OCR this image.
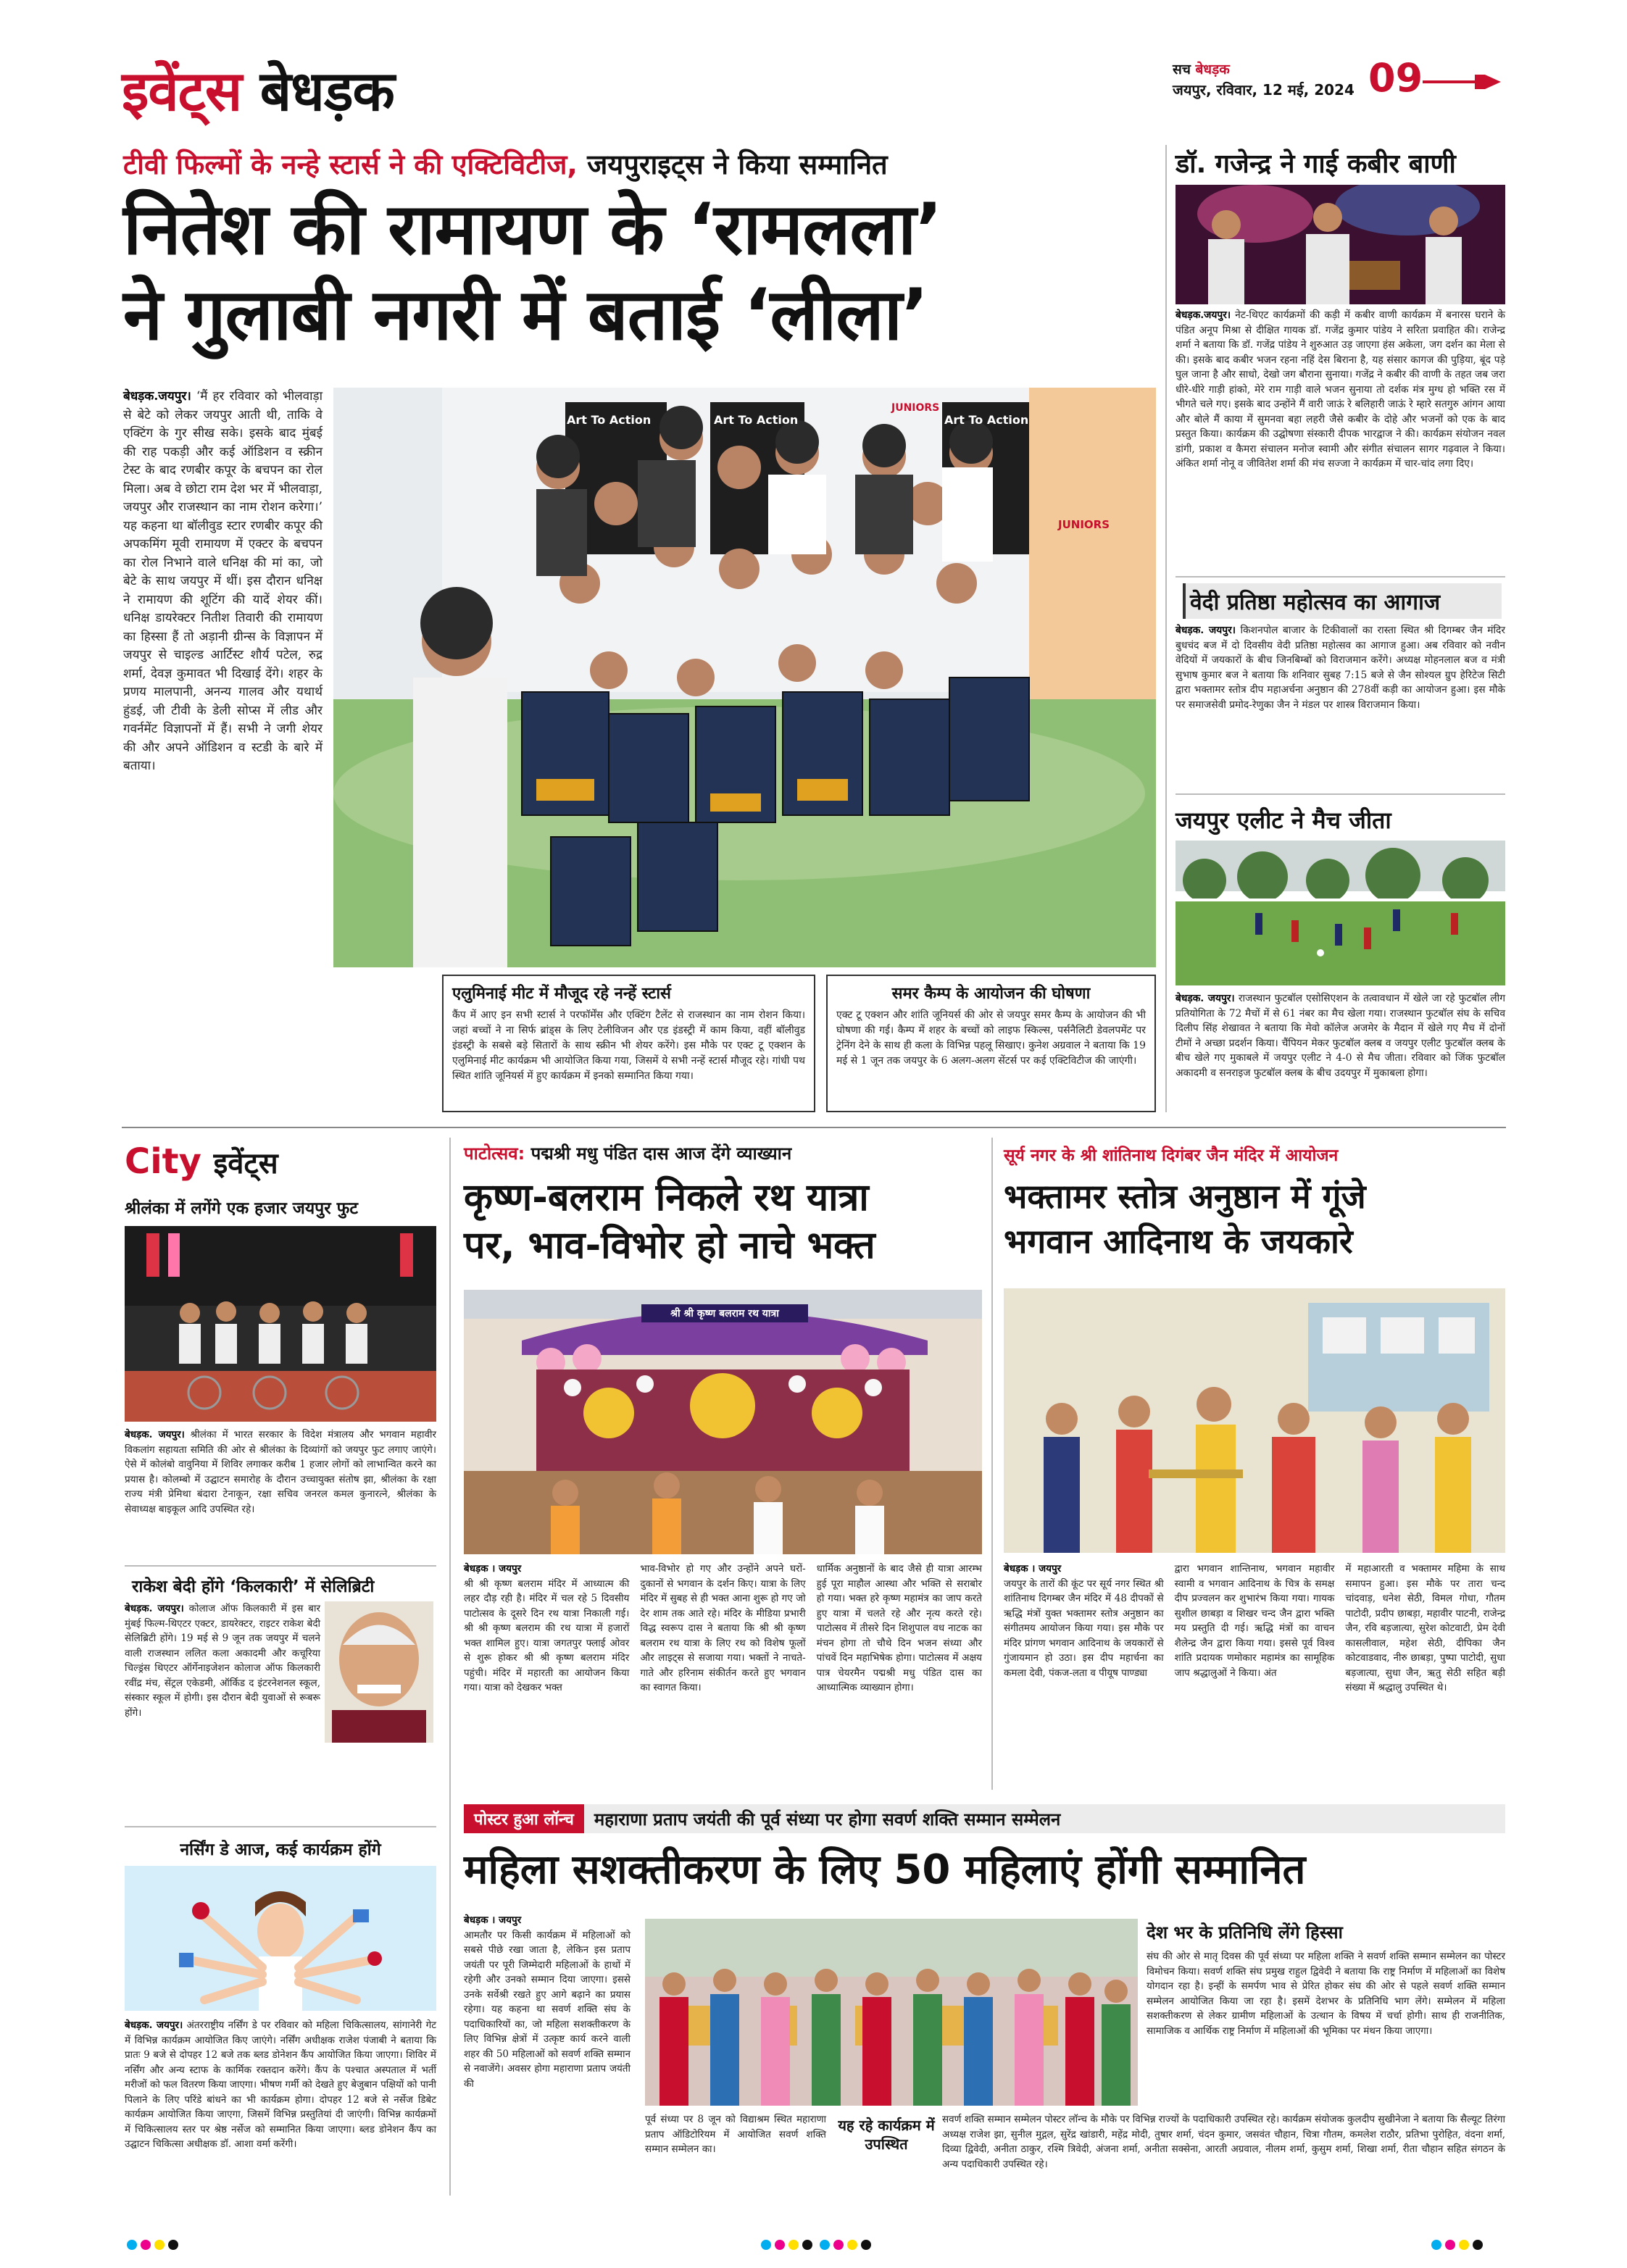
इवेंट्स बेधड़क	सच बेधड़क
जयपुर, रविवार, 12 मई, 2024 09
टीवी फिल्मों के नन्हे स्टार्स ने की एक्टिविटीज, जयपुराइट्स ने किया सम्मानित
नितेश की रामायण के ‘रामलला’
ने गुलाबी नगरी में बताई ‘लीला’
बेधड़क.जयपुर। ‘मैं हर रविवार को भीलवाड़ा से बेटे को लेकर जयपुर आती थी, ताकि वे एक्टिंग के गुर सीख सके। इसके बाद मुंबई की राह पकड़ी और कई ऑडिशन व स्क्रीन टेस्ट के बाद रणबीर कपूर के बचपन का रोल मिला। अब वे छोटा राम देश भर में भीलवाड़ा, जयपुर और राजस्थान का नाम रोशन करेगा।’ यह कहना था बॉलीवुड स्टार रणबीर कपूर की अपकमिंग मूवी रामायण में एक्टर के बचपन का रोल निभाने वाले धनिक्ष की मां का, जो बेटे के साथ जयपुर में थीं। इस दौरान धनिक्ष ने रामायण की शूटिंग की यादें शेयर कीं। धनिक्ष डायरेक्टर नितीश तिवारी की रामायण का हिस्सा हैं तो अड़ानी ग्रीन्स के विज्ञापन में जयपुर से चाइल्ड आर्टिस्ट शौर्य पटेल, रुद्र शर्मा, देवज्ञ कुमावत भी दिखाई देंगे। शहर के प्रणय मालपानी, अनन्य गालव और यथार्थ हुंडई, जी टीवी के डेली सोप्स में लीड और गवर्नमेंट विज्ञापनों में हैं। सभी ने जगी शेयर की और अपने ऑडिशन व स्टडी के बारे में बताया।
Art To Action
JUNIORS
Art To Action	Art To Action
JUNIORS
एलुमिनाई मीट में मौजूद रहे नन्हें स्टार्स
कैंप में आए इन सभी स्टार्स ने परफॉर्मेंस और एक्टिंग टैलेंट से राजस्थान का नाम रोशन किया। जहां बच्चों ने ना सिर्फ ब्रांड्स के लिए टेलीविजन और एड इंडस्ट्री में काम किया, वहीं बॉलीवुड इंडस्ट्री के सबसे बड़े सितारों के साथ स्क्रीन भी शेयर करेंगे। इस मौके पर एक्ट टू एक्शन के एलुमिनाई मीट कार्यक्रम भी आयोजित किया गया, जिसमें ये सभी नन्हें स्टार्स मौजूद रहे। गांधी पथ स्थित शांति जूनियर्स में हुए कार्यक्रम में इनको सम्मानित किया गया।
समर कैम्प के आयोजन की घोषणा
एक्ट टू एक्शन और शांति जूनियर्स की ओर से जयपुर समर कैम्प के आयोजन की भी घोषणा की गई। कैम्प में शहर के बच्चों को लाइफ स्किल्स, पर्सनैलिटी डेवलपमेंट पर ट्रेनिंग देने के साथ ही कला के विभिन्न पहलू सिखाए। कुनेश अग्रवाल ने बताया कि 19 मई से 1 जून तक जयपुर के 6 अलग-अलग सेंटर्स पर कई एक्टिविटीज की जाएंगी।
डॉ. गजेन्द्र ने गाई कबीर बाणी
बेधड़क.जयपुर। नेट-थिएट कार्यक्रमों की कड़ी में कबीर वाणी कार्यक्रम में बनारस घराने के पंडित अनूप मिश्रा से दीक्षित गायक डॉ. गजेंद्र कुमार पांडेय ने सरिता प्रवाहित की। राजेन्द्र शर्मा ने बताया कि डॉ. गजेंद्र पांडेय ने शुरुआत उड़ जाएगा हंस अकेला, जग दर्शन का मेला से की। इसके बाद कबीर भजन रहना नहिं देस बिराना है, यह संसार कागज की पुड़िया, बूंद पड़े घुल जाना है और साधो, देखो जग बौराना सुनाया। गजेंद्र ने कबीर की वाणी के तहत जब जरा धीरे-धीरे गाड़ी हांको, मेरे राम गाड़ी वाले भजन सुनाया तो दर्शक मंत्र मुग्ध हो भक्ति रस में भीगते चले गए। इसके बाद उन्होंने मैं वारी जाऊं रे बलिहारी जाऊं रे म्हारे सतगुरु आंगन आया और बोले मैं काया में सुमनवा बहा लहरी जैसे कबीर के दोहे और भजनों को एक के बाद प्रस्तुत किया। कार्यक्रम की उद्घोषणा संस्कारी दीपक भारद्वाज ने की। कार्यक्रम संयोजन नवल डांगी, प्रकाश व कैमरा संचालन मनोज स्वामी और संगीत संचालन सागर गढ़वाल ने किया। अंकित शर्मा नोनू व जीवितेश शर्मा की मंच सज्जा ने कार्यक्रम में चार-चांद लगा दिए।
वेदी प्रतिष्ठा महोत्सव का आगाज
बेधड़क. जयपुर। किशनपोल बाजार के टिकीवालों का रास्ता स्थित श्री दिगम्बर जैन मंदिर बुधचंद बज में दो दिवसीय वेदी प्रतिष्ठा महोत्सव का आगाज हुआ। अब रविवार को नवीन वेदियों में जयकारों के बीच जिनबिम्बों को विराजमान करेंगे। अध्यक्ष मोहनलाल बज व मंत्री सुभाष कुमार बज ने बताया कि शनिवार सुबह 7:15 बजे से जैन सोश्यल ग्रुप हेरिटेज सिटी द्वारा भक्तामर स्तोत्र दीप महाअर्चना अनुष्ठान की 278वीं कड़ी का आयोजन हुआ। इस मौके पर समाजसेवी प्रमोद-रेणुका जैन ने मंडल पर शास्त्र विराजमान किया।
जयपुर एलीट ने मैच जीता
बेधड़क. जयपुर। राजस्थान फुटबॉल एसोसिएशन के तत्वावधान में खेले जा रहे फुटबॉल लीग प्रतियोगिता के 72 मैचों में से 61 नंबर का मैच खेला गया। राजस्थान फुटबॉल संघ के सचिव दिलीप सिंह शेखावत ने बताया कि मेवो कॉलेज अजमेर के मैदान में खेले गए मैच में दोनों टीमों ने अच्छा प्रदर्शन किया। चैंपियन मेकर फुटबॉल क्लब व जयपुर एलीट फुटबॉल क्लब के बीच खेले गए मुकाबले में जयपुर एलीट ने 4-0 से मैच जीता। रविवार को जिंक फुटबॉल अकादमी व सनराइज फुटबॉल क्लब के बीच उदयपुर में मुकाबला होगा।
City इवेंट्स
श्रीलंका में लगेंगे एक हजार जयपुर फुट
बेधड़क. जयपुर। श्रीलंका में भारत सरकार के विदेश मंत्रालय और भगवान महावीर विकलांग सहायता समिति की ओर से श्रीलंका के दिव्यांगों को जयपुर फुट लगाए जाएंगे। ऐसे में कोलंबो वावुनिया में शिविर लगाकर करीब 1 हजार लोगों को लाभान्वित करने का प्रयास है। कोलम्बो में उद्घाटन समारोह के दौरान उच्चायुक्त संतोष झा, श्रीलंका के रक्षा राज्य मंत्री प्रेमिथा बंदारा टेनाकून, रक्षा सचिव जनरल कमल कुनारत्ने, श्रीलंका के सेवाध्यक्ष बाइकूल आदि उपस्थित रहे।
राकेश बेदी होंगे ‘किलकारी’ में सेलिब्रिटी
बेधड़क. जयपुर। कोलाज ऑफ किलकारी में इस बार मुंबई फिल्म-थिएटर एक्टर, डायरेक्टर, राइटर राकेश बेदी सेलिब्रिटी होंगे। 19 मई से 9 जून तक जयपुर में चलने वाली राजस्थान ललित कला अकादमी और कचूरिया चिल्ड्रंस थिएटर ऑर्गेनाइजेशन कोलाज ऑफ किलकारी रवींद्र मंच, सेंट्रल एकेडमी, ऑर्किड द इंटरनेशनल स्कूल, संस्कार स्कूल में होगी। इस दौरान बेदी युवाओं से रूबरू होंगे।
नर्सिंग डे आज, कई कार्यक्रम होंगे
बेधड़क. जयपुर। अंतरराष्ट्रीय नर्सिंग डे पर रविवार को महिला चिकित्सालय, सांगानेरी गेट में विभिन्न कार्यक्रम आयोजित किए जाएंगे। नर्सिंग अधीक्षक राजेश पंजाबी ने बताया कि प्रातः 9 बजे से दोपहर 12 बजे तक ब्लड डोनेशन कैंप आयोजित किया जाएगा। शिविर में नर्सिंग और अन्य स्टाफ के कार्मिक रक्तदान करेंगे। कैंप के पश्चात अस्पताल में भर्ती मरीजों को फल वितरण किया जाएगा। भीषण गर्मी को देखते हुए बेजुबान पक्षियों को पानी पिलाने के लिए परिंडे बांधने का भी कार्यक्रम होगा। दोपहर 12 बजे से नर्सेज डिबेट कार्यक्रम आयोजित किया जाएगा, जिसमें विभिन्न प्रस्तुतियां दी जाएंगी। विभिन्न कार्यक्रमों में चिकित्सालय स्तर पर श्रेष्ठ नर्सेज को सम्मानित किया जाएगा। ब्लड डोनेशन कैंप का उद्घाटन चिकित्सा अधीक्षक डॉ. आशा वर्मा करेंगी।
पाटोत्सव: पद्मश्री मधु पंडित दास आज देंगे व्याख्यान
कृष्ण-बलराम निकले रथ यात्रा
पर, भाव-विभोर हो नाचे भक्त
श्री श्री कृष्ण बलराम रथ यात्रा
बेधड़क । जयपुर
श्री श्री कृष्ण बलराम मंदिर में आध्यात्म की लहर दौड़ रही है। मंदिर में चल रहे 5 दिवसीय पाटोत्सव के दूसरे दिन रथ यात्रा निकाली गई। श्री श्री कृष्ण बलराम की रथ यात्रा में हजारों भक्त शामिल हुए। यात्रा जगतपुर फ्लाई ओवर से शुरू होकर श्री श्री कृष्ण बलराम मंदिर पहुंची। मंदिर में महारती का आयोजन किया गया। यात्रा को देखकर भक्त
भाव-विभोर हो गए और उन्होंने अपने घरों- दुकानों से भगवान के दर्शन किए। यात्रा के लिए मंदिर में सुबह से ही भक्त आना शुरू हो गए जो देर शाम तक आते रहे। मंदिर के मीडिया प्रभारी विद्ध स्वरूप दास ने बताया कि श्री श्री कृष्ण बलराम रथ यात्रा के लिए रथ को विशेष फूलों और लाइट्स से सजाया गया। भक्तों ने नाचते-गाते और हरिनाम संकीर्तन करते हुए भगवान का स्वागत किया।
धार्मिक अनुष्ठानों के बाद जैसे ही यात्रा आरम्भ हुई पूरा माहौल आस्था और भक्ति से सराबोर हो गया। भक्त हरे कृष्ण महामंत्र का जाप करते हुए यात्रा में चलते रहे और नृत्य करते रहे। पाटोत्सव में तीसरे दिन शिशुपाल वध नाटक का मंचन होगा तो चौथे दिन भजन संध्या और पांचवें दिन महाभिषेक होगा। पाटोत्सव में अक्षय पात्र चेयरमैन पद्मश्री मधु पंडित दास का आध्यात्मिक व्याख्यान होगा।
सूर्य नगर के श्री शांतिनाथ दिगंबर जैन मंदिर में आयोजन
भक्तामर स्तोत्र अनुष्ठान में गूंजे
भगवान आदिनाथ के जयकारे
बेधड़क । जयपुर
जयपुर के तारों की कूंट पर सूर्य नगर स्थित श्री शांतिनाथ दिगम्बर जैन मंदिर में 48 दीपकों से ऋद्धि मंत्रों युक्त भक्तामर स्तोत्र अनुष्ठान का संगीतमय आयोजन किया गया। इस मौके पर मंदिर प्रांगण भगवान आदिनाथ के जयकारों से गुंजायमान हो उठा। इस दीप महार्चना का कमला देवी, पंकज-लता व पीयूष पाण्ड्या
द्वारा भगवान शान्तिनाथ, भगवान महावीर स्वामी व भगवान आदिनाथ के चित्र के समक्ष दीप प्रज्वलन कर शुभारंभ किया गया। गायक सुशील छाबड़ा व शिखर चन्द जैन द्वारा भक्ति मय प्रस्तुति दी गई। ऋद्धि मंत्रों का वाचन शैलेन्द्र जैन द्वारा किया गया। इससे पूर्व विश्व शांति प्रदायक णमोकार महामंत्र का सामूहिक जाप श्रद्धालुओं ने किया। अंत
में महाआरती व भक्तामर महिमा के साथ समापन हुआ। इस मौके पर तारा चन्द चांदवाड़, धनेश सेठी, विमल गोधा, गौतम पाटोदी, प्रदीप छाबड़ा, महावीर पाटनी, राजेन्द्र जैन, रवि बड़जात्या, सुरेश कोटवाटी, प्रेम देवी कासलीवाल, महेश सेठी, दीपिका जैन कोटवाडवाद, नीरु छाबड़ा, पुष्पा पाटोदी, सुधा बड़जात्या, सुधा जैन, ऋतु सेठी सहित बड़ी संख्या में श्रद्धालु उपस्थित थे।
पोस्टर हुआ लॉन्च	महाराणा प्रताप जयंती की पूर्व संध्या पर होगा सवर्ण शक्ति सम्मान सम्मेलन
महिला सशक्तीकरण के लिए 50 महिलाएं होंगी सम्मानित
बेधड़क । जयपुर
आमतौर पर किसी कार्यक्रम में महिलाओं को सबसे पीछे रखा जाता है, लेकिन इस प्रताप जयंती पर पूरी जिम्मेदारी महिलाओं के हाथों में रहेगी और उनको सम्मान दिया जाएगा। इससे उनके सर्वेश्री रखते हुए आगे बढ़ाने का प्रयास रहेगा। यह कहना था सवर्ण शक्ति संघ के पदाधिकारियों का, जो महिला सशक्तीकरण के लिए विभिन्न क्षेत्रों में उत्कृष्ट कार्य करने वाली शहर की 50 महिलाओं को सवर्ण शक्ति सम्मान से नवाजेंगे। अवसर होगा महाराणा प्रताप जयंती की
पूर्व संध्या पर 8 जून को विद्याश्रम स्थित महाराणा प्रताप ऑडिटोरियम में आयोजित सवर्ण शक्ति सम्मान सम्मेलन का।
यह रहे कार्यक्रम में उपस्थित
सवर्ण शक्ति सम्मान सम्मेलन पोस्टर लॉन्च के मौके पर विभिन्न राज्यों के पदाधिकारी उपस्थित रहे। कार्यक्रम संयोजक कुलदीप सुखीनेजा ने बताया कि सैल्यूट तिरंगा अध्यक्ष राजेश झा, सुनील मुद्गल, सुरेंद्र खांडारी, महेंद्र मोदी, तुषार शर्मा, चंदन कुमार, जसवंत चौहान, चित्रा गौतम, कमलेश राठौर, प्रतिभा पुरोहित, वंदना शर्मा, दिव्या द्विवेदी, अनीता ठाकुर, रश्मि त्रिवेदी, अंजना शर्मा, अनीता सक्सेना, आरती अग्रवाल, नीलम शर्मा, कुसुम शर्मा, शिखा शर्मा, रीता चौहान सहित संगठन के अन्य पदाधिकारी उपस्थित रहे।
देश भर के प्रतिनिधि लेंगे हिस्सा
संघ की ओर से मातृ दिवस की पूर्व संध्या पर महिला शक्ति ने सवर्ण शक्ति सम्मान सम्मेलन का पोस्टर विमोचन किया। सवर्ण शक्ति संघ प्रमुख राहुल द्विवेदी ने बताया कि राष्ट्र निर्माण में महिलाओं का विशेष योगदान रहा है। इन्हीं के समर्पण भाव से प्रेरित होकर संघ की ओर से पहले सवर्ण शक्ति सम्मान सम्मेलन आयोजित किया जा रहा है। इसमें देशभर के प्रतिनिधि भाग लेंगे। सम्मेलन में महिला सशक्तीकरण से लेकर ग्रामीण महिलाओं के उत्थान के विषय में चर्चा होगी। साथ ही राजनीतिक, सामाजिक व आर्थिक राष्ट्र निर्माण में महिलाओं की भूमिका पर मंथन किया जाएगा।
